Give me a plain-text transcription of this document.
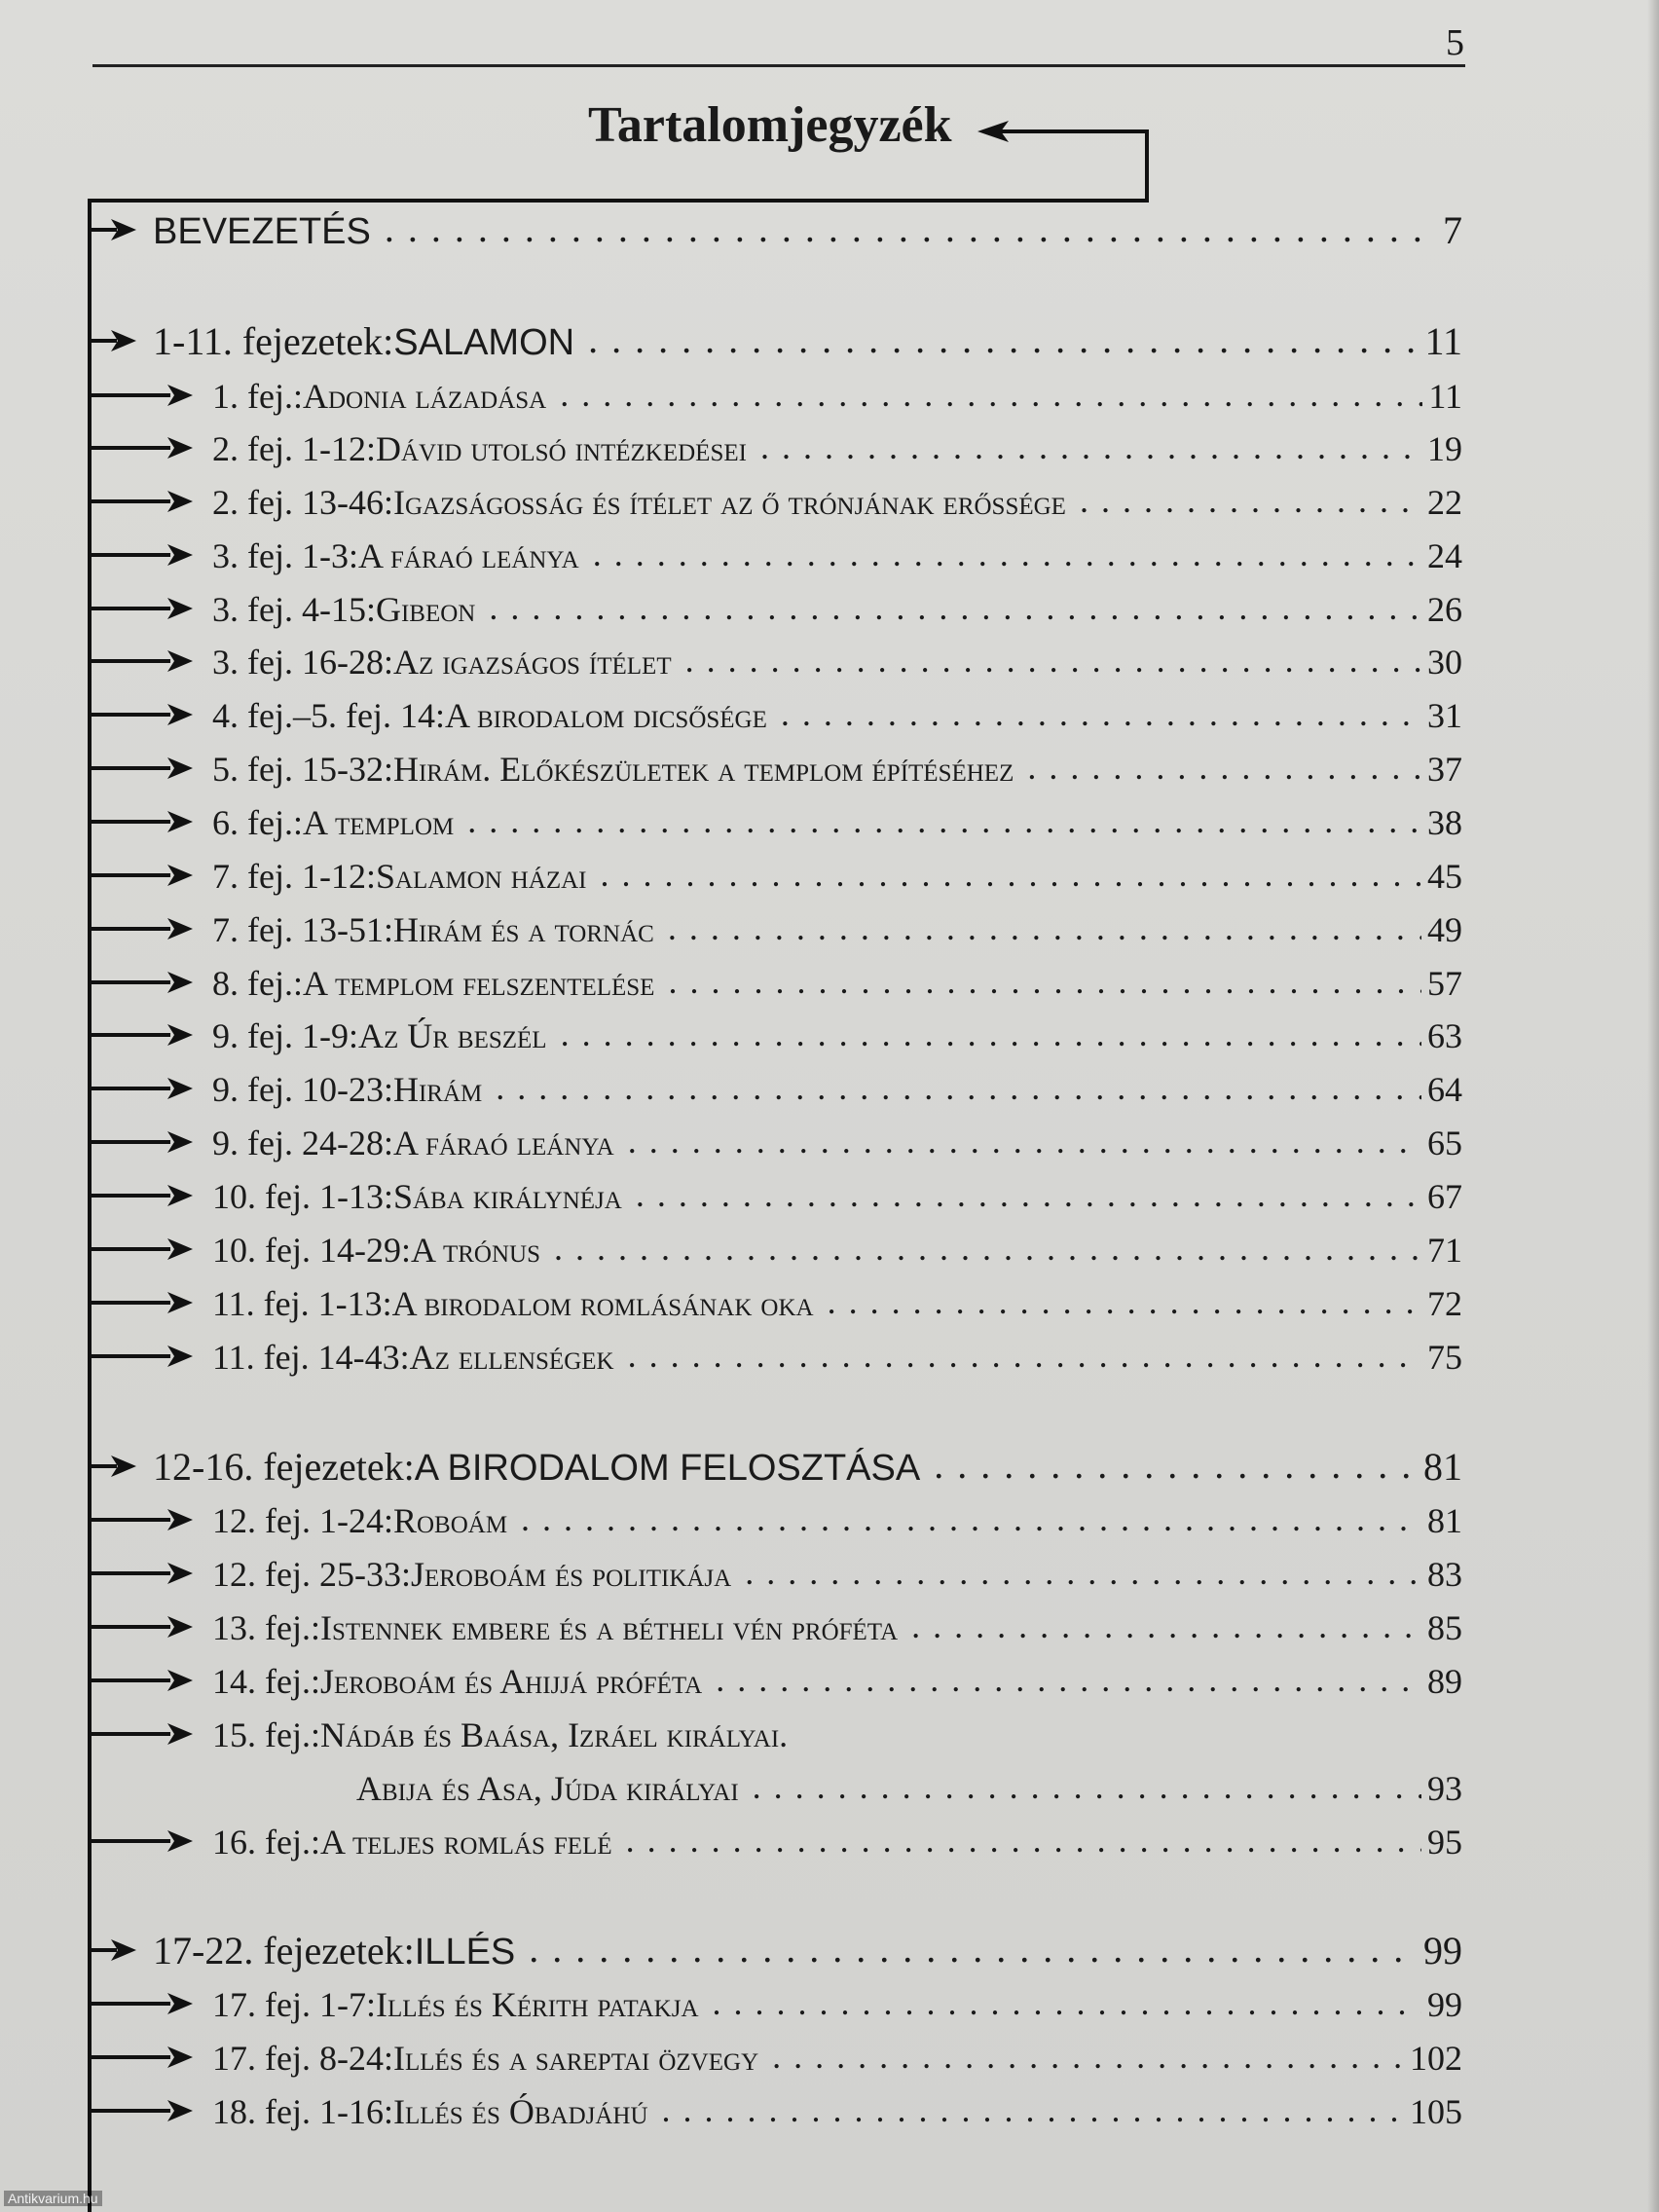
5
Tartalomjegyzék
BEVEZETÉS . . .	7
1-11. fejezetek: SALAMON . . .	11
1. fej.: Adonia lázadása . . .	11
2. fej. 1-12: Dávid utolsó intézkedései . . .	19
2. fej. 13-46: Igazságosság és ítélet az ő trónjának erőssége . . .	22
3. fej. 1-3: A fáraó leánya . . .	24
3. fej. 4-15: Gibeon . . .	26
3. fej. 16-28: Az igazságos ítélet . . .	30
4. fej.–5. fej. 14: A birodalom dicsősége . . .	31
5. fej. 15-32: Hirám. Előkészületek a templom építéséhez . . .	37
6. fej.: A templom . . .	38
7. fej. 1-12: Salamon házai . . .	45
7. fej. 13-51: Hirám és a tornác . . .	49
8. fej.: A templom felszentelése . . .	57
9. fej. 1-9: Az Úr beszél . . .	63
9. fej. 10-23: Hirám . . .	64
9. fej. 24-28: A fáraó leánya . . .	65
10. fej. 1-13: Sába királynéja . . .	67
10. fej. 14-29: A trónus . . .	71
11. fej. 1-13: A birodalom romlásának oka . . .	72
11. fej. 14-43: Az ellenségek . . .	75
12-16. fejezetek: A BIRODALOM FELOSZTÁSA . . .	81
12. fej. 1-24: Roboám . . .	81
12. fej. 25-33: Jeroboám és politikája . . .	83
13. fej.: Istennek embere és a bétheli vén próféta . . .	85
14. fej.: Jeroboám és Ahijjá próféta . . .	89
15. fej.: Nádáb és Baása, Izráel királyai.
Abija és Asa, Júda királyai . . .	93
16. fej.: A teljes romlás felé . . .	95
17-22. fejezetek: ILLÉS . . .	99
17. fej. 1-7: Illés és Kérith patakja . . .	99
17. fej. 8-24: Illés és a sareptai özvegy . . .	102
18. fej. 1-16: Illés és Óbadjáhú . . .	105
Antikvarium.hu
